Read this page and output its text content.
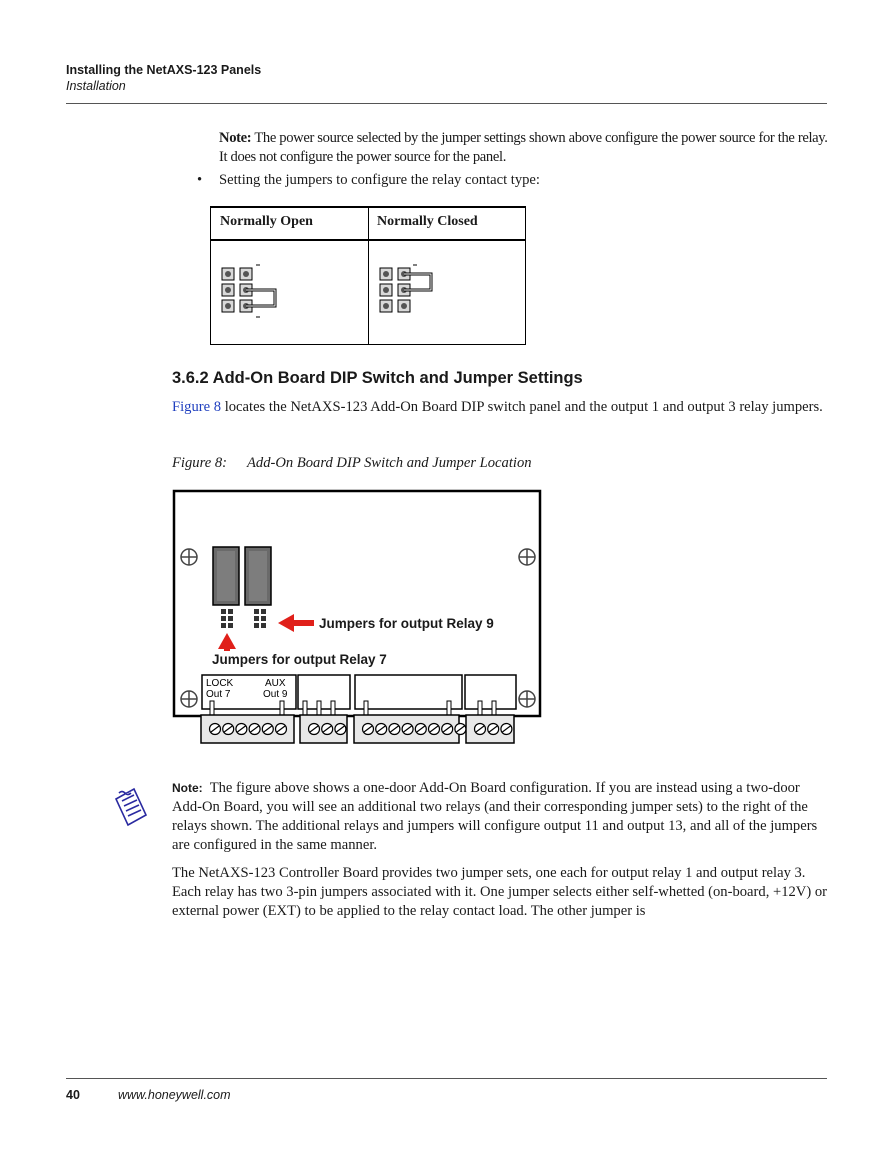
Installing the NetAXS-123 Panels
Installation
Note: The power source selected by the jumper settings shown above configure the power source for the relay. It does not configure the power source for the panel.
• Setting the jumpers to configure the relay contact type:
Normally Open	Normally Closed
3.6.2 Add-On Board DIP Switch and Jumper Settings
Figure 8 locates the NetAXS-123 Add-On Board DIP switch panel and the output 1 and output 3 relay jumpers.
Figure 8: Add-On Board DIP Switch and Jumper Location
Jumpers for output Relay 9
Jumpers for output Relay 7
LOCK
Out 7
AUX
Out 9
Note: The figure above shows a one-door Add-On Board configuration. If you are instead using a two-door Add-On Board, you will see an additional two relays (and their corresponding jumper sets) to the right of the relays shown. The additional relays and jumpers will configure output 11 and output 13, and all of the jumpers are configured in the same manner.
The NetAXS-123 Controller Board provides two jumper sets, one each for output relay 1 and output relay 3. Each relay has two 3-pin jumpers associated with it. One jumper selects either self-whetted (on-board, +12V) or external power (EXT) to be applied to the relay contact load. The other jumper is
40	www.honeywell.com
